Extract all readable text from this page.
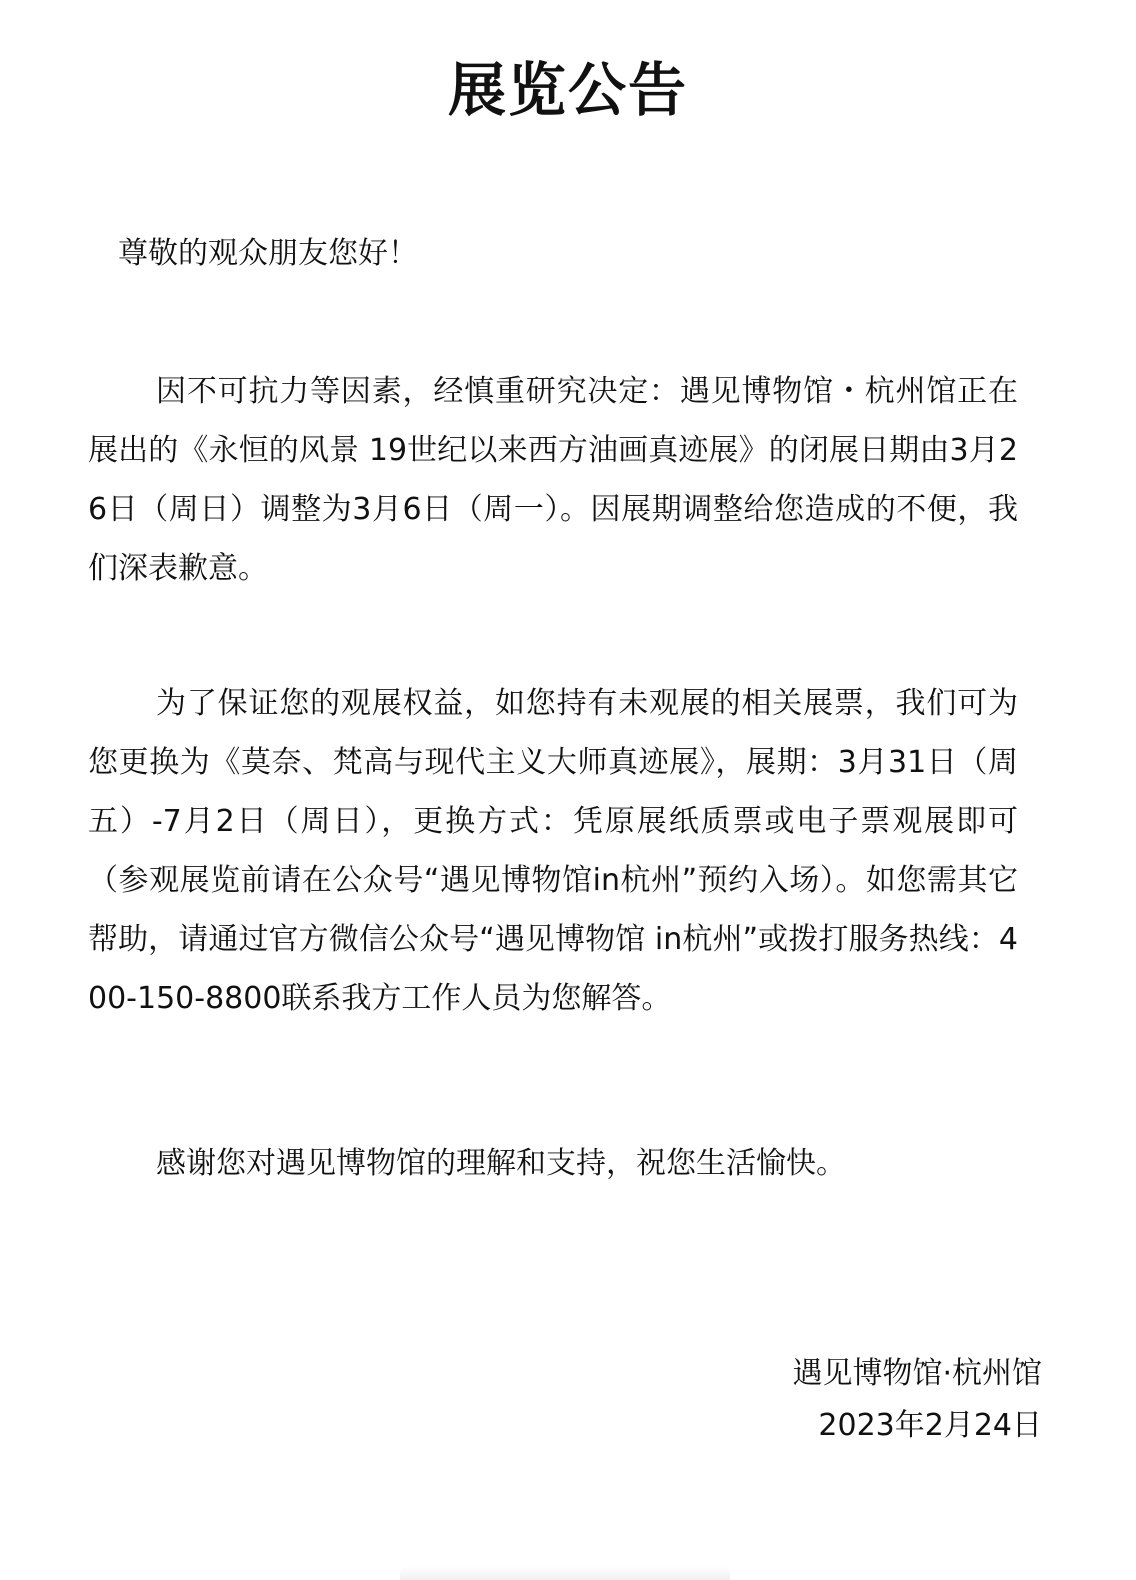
展览公告

尊敬的观众朋友您好！

因不可抗力等因素，经慎重研究决定：遇见博物馆・杭州馆正在展出的《永恒的风景 19世纪以来西方油画真迹展》的闭展日期由3月26日（周日）调整为3月6日（周一）。因展期调整给您造成的不便，我们深表歉意。

为了保证您的观展权益，如您持有未观展的相关展票，我们可为您更换为《莫奈、梵高与现代主义大师真迹展》，展期：3月31日（周五）-7月2日（周日），更换方式：凭原展纸质票或电子票观展即可（参观展览前请在公众号“遇见博物馆in杭州”预约入场）。如您需其它帮助，请通过官方微信公众号“遇见博物馆 in杭州”或拨打服务热线：400-150-8800联系我方工作人员为您解答。

感谢您对遇见博物馆的理解和支持，祝您生活愉快。

遇见博物馆·杭州馆
2023年2月24日
